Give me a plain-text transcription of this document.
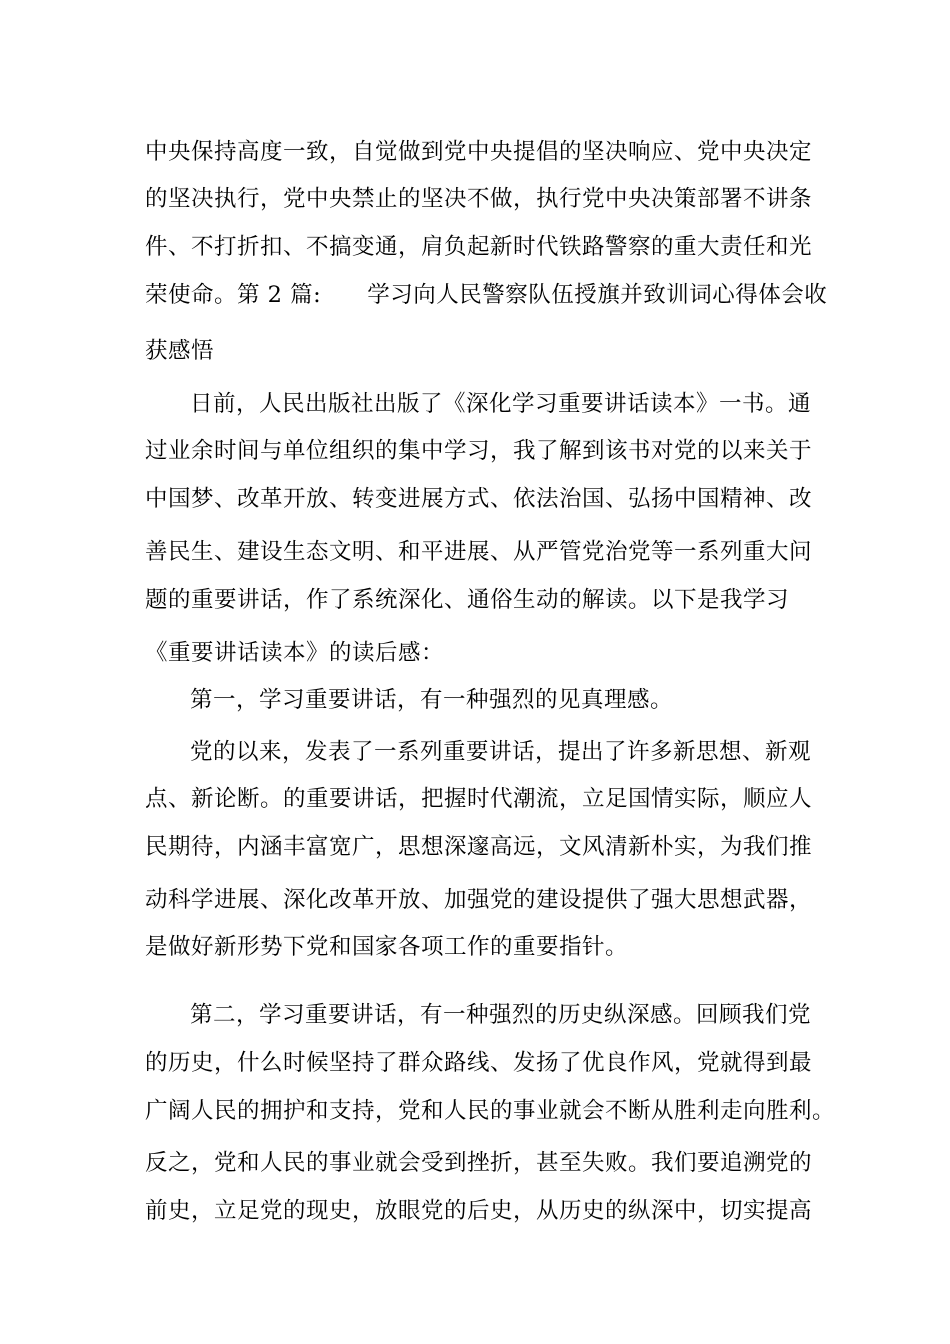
中央保持高度一致，自觉做到党中央提倡的坚决响应、党中央决定
的坚决执行，党中央禁止的坚决不做，执行党中央决策部署不讲条
件、不打折扣、不搞变通，肩负起新时代铁路警察的重大责任和光
荣使命。第 2 篇:　　学习向人民警察队伍授旗并致训词心得体会收
获感悟
日前，人民出版社出版了《深化学习重要讲话读本》一书。通
过业余时间与单位组织的集中学习，我了解到该书对党的以来关于
中国梦、改革开放、转变进展方式、依法治国、弘扬中国精神、改
善民生、建设生态文明、和平进展、从严管党治党等一系列重大问
题的重要讲话，作了系统深化、通俗生动的解读。以下是我学习
《重要讲话读本》的读后感：
第一，学习重要讲话，有一种强烈的见真理感。
党的以来，发表了一系列重要讲话，提出了许多新思想、新观
点、新论断。的重要讲话，把握时代潮流，立足国情实际，顺应人
民期待，内涵丰富宽广，思想深邃高远，文风清新朴实，为我们推
动科学进展、深化改革开放、加强党的建设提供了强大思想武器，
是做好新形势下党和国家各项工作的重要指针。
第二，学习重要讲话，有一种强烈的历史纵深感。回顾我们党
的历史，什么时候坚持了群众路线、发扬了优良作风，党就得到最
广阔人民的拥护和支持，党和人民的事业就会不断从胜利走向胜利。
反之，党和人民的事业就会受到挫折，甚至失败。我们要追溯党的
前史，立足党的现史，放眼党的后史，从历史的纵深中，切实提高
